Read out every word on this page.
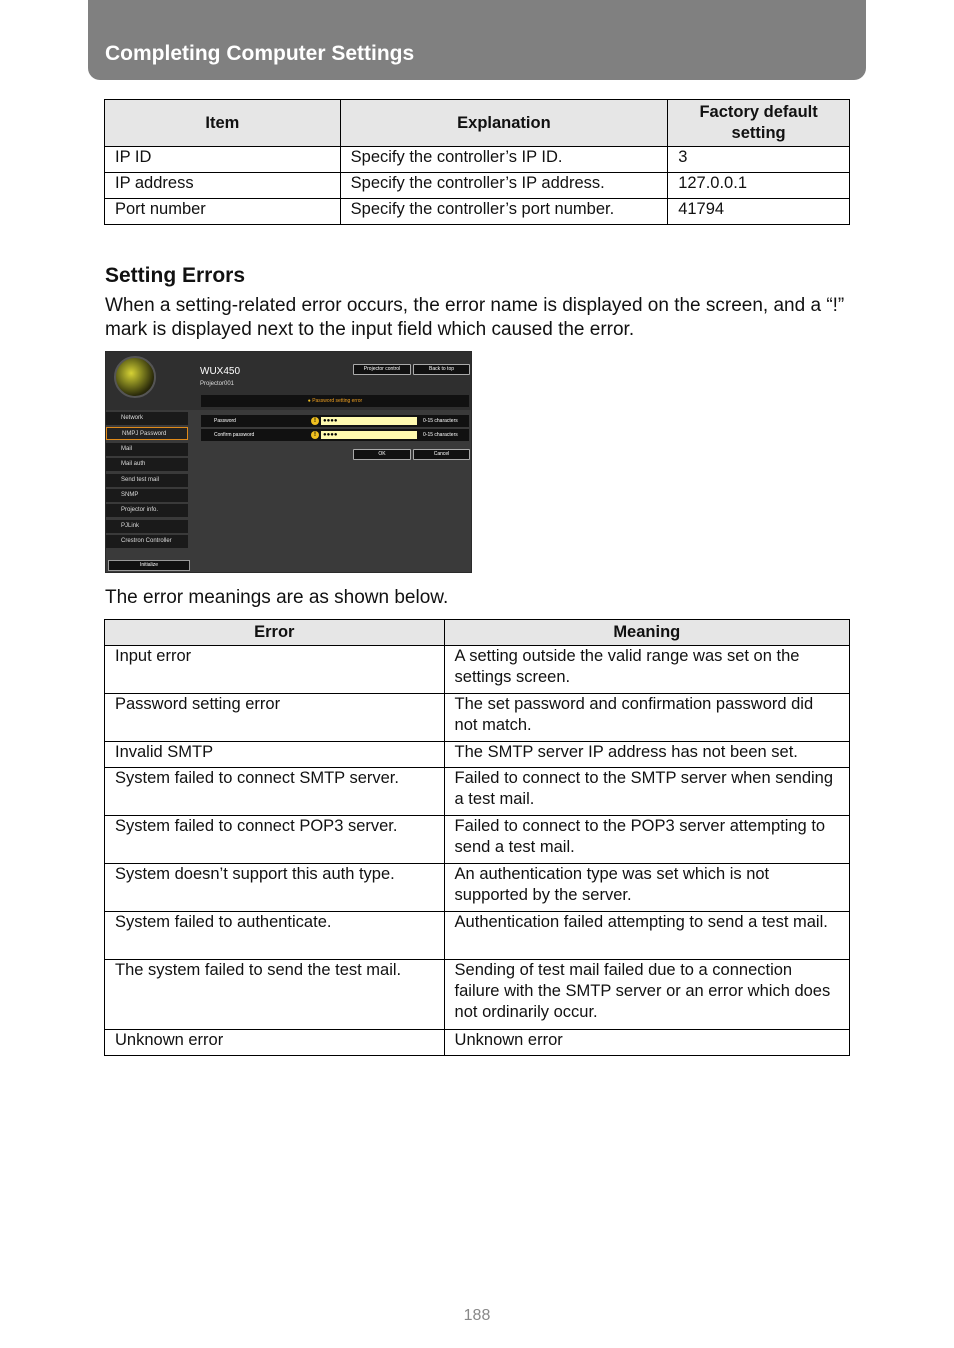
Completing Computer Settings
Item	Explanation	Factory default setting
IP ID	Specify the controller’s IP ID.	3
IP address	Specify the controller’s IP address.	127.0.0.1
Port number	Specify the controller’s port number.	41794
Setting Errors
When a setting-related error occurs, the error name is displayed on the screen, and a “!” mark is displayed next to the input field which caused the error.
WUX450
Projector001
Projector control	Back to top
● Password setting error
Password	!	●●●●	0-15 characters
Confirm password	!	●●●●	0-15 characters
OK	Cancel
Network
NMPJ Password
Mail
Mail auth
Send test mail
SNMP
Projector info.
PJLink
Crestron Controller
Initialize
The error meanings are as shown below.
Error	Meaning
Input error	A setting outside the valid range was set on the settings screen.
Password setting error	The set password and confirmation password did not match.
Invalid SMTP	The SMTP server IP address has not been set.
System failed to connect SMTP server.	Failed to connect to the SMTP server when sending a test mail.
System failed to connect POP3 server.	Failed to connect to the POP3 server attempting to send a test mail.
System doesn’t support this auth type.	An authentication type was set which is not supported by the server.
System failed to authenticate.	Authentication failed attempting to send a test mail.
The system failed to send the test mail.	Sending of test mail failed due to a connection failure with the SMTP server or an error which does not ordinarily occur.
Unknown error	Unknown error
188
